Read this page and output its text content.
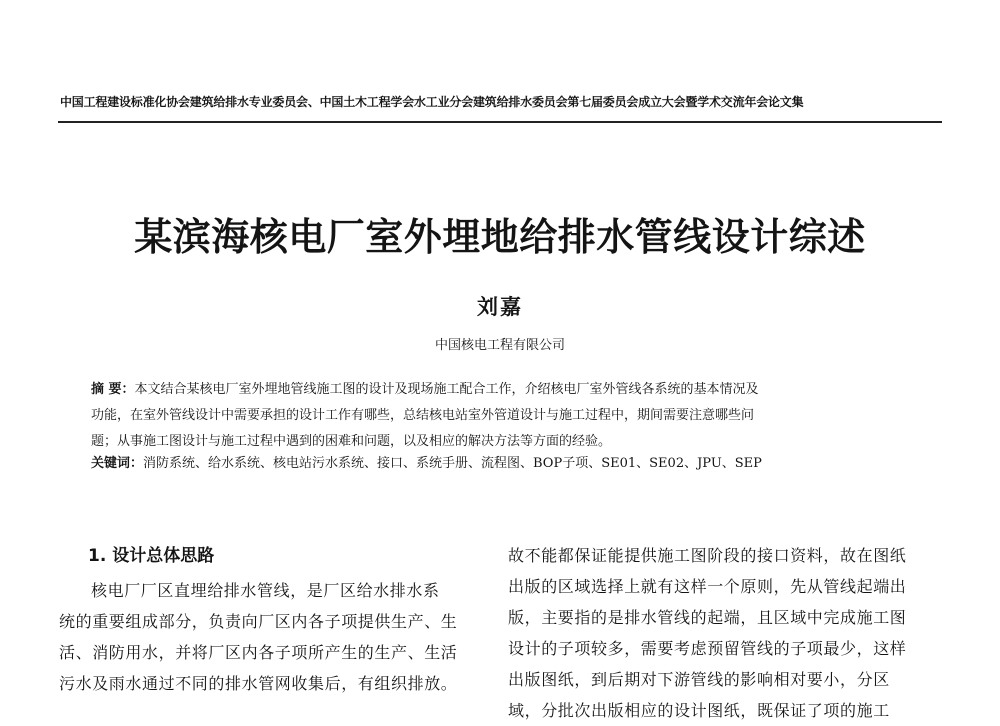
中国工程建设标准化协会建筑给排水专业委员会、中国土木工程学会水工业分会建筑给排水委员会第七届委员会成立大会暨学术交流年会论文集
某滨海核电厂室外埋地给排水管线设计综述
刘嘉
中国核电工程有限公司
摘 要：本文结合某核电厂室外埋地管线施工图的设计及现场施工配合工作，介绍核电厂室外管线各系统的基本情况及
功能，在室外管线设计中需要承担的设计工作有哪些，总结核电站室外管道设计与施工过程中，期间需要注意哪些问
题；从事施工图设计与施工过程中遇到的困难和问题，以及相应的解决方法等方面的经验。
关键词：消防系统、给水系统、核电站污水系统、接口、系统手册、流程图、BOP子项、SE01、SE02、JPU、SEP
1. 设计总体思路
核电厂厂区直埋给排水管线，是厂区给水排水系
统的重要组成部分，负责向厂区内各子项提供生产、生
活、消防用水，并将厂区内各子项所产生的生产、生活
污水及雨水通过不同的排水管网收集后，有组织排放。
故不能都保证能提供施工图阶段的接口资料，故在图纸
出版的区域选择上就有这样一个原则，先从管线起端出
版，主要指的是排水管线的起端，且区域中完成施工图
设计的子项较多，需要考虑预留管线的子项最少，这样
出版图纸，到后期对下游管线的影响相对要小，分区
域，分批次出版相应的设计图纸，既保证了项的施工
